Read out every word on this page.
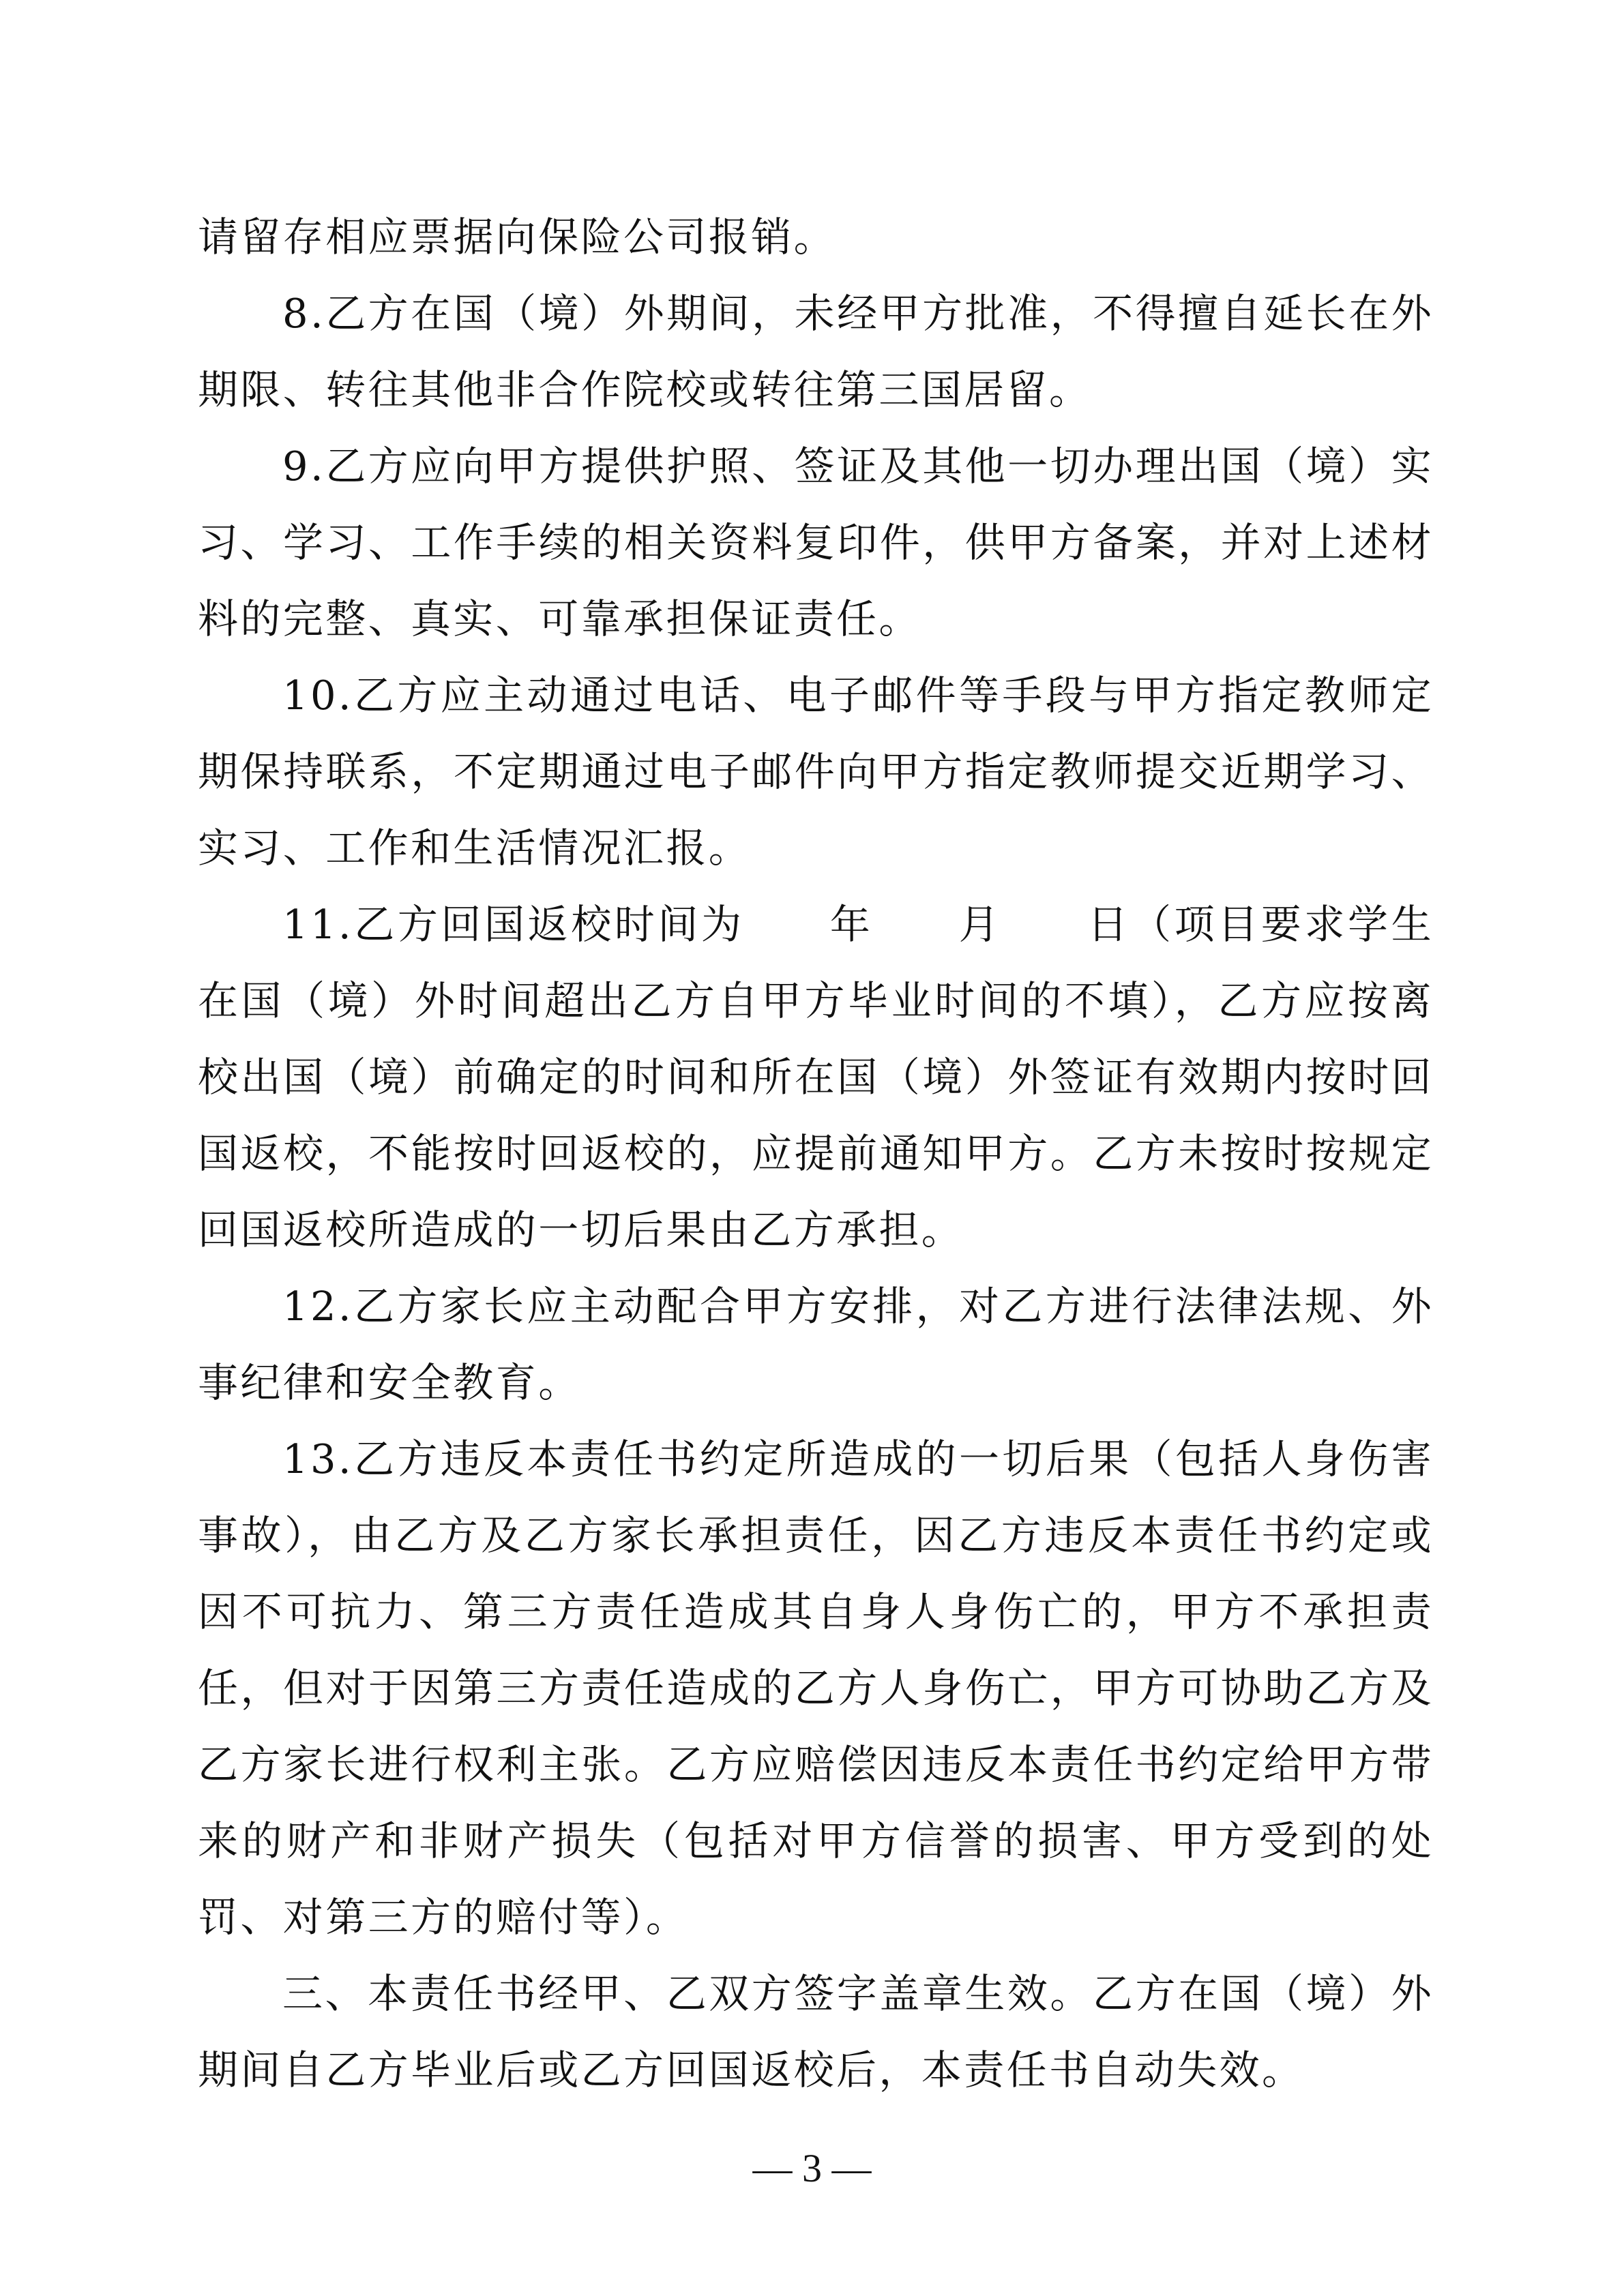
请留存相应票据向保险公司报销。

8.乙方在国（境）外期间，未经甲方批准，不得擅自延长在外期限、转往其他非合作院校或转往第三国居留。

9.乙方应向甲方提供护照、签证及其他一切办理出国（境）实习、学习、工作手续的相关资料复印件，供甲方备案，并对上述材料的完整、真实、可靠承担保证责任。

10.乙方应主动通过电话、电子邮件等手段与甲方指定教师定期保持联系，不定期通过电子邮件向甲方指定教师提交近期学习、实习、工作和生活情况汇报。

11.乙方回国返校时间为 年 月 日（项目要求学生在国（境）外时间超出乙方自甲方毕业时间的不填），乙方应按离校出国（境）前确定的时间和所在国（境）外签证有效期内按时回国返校，不能按时回返校的，应提前通知甲方。乙方未按时按规定回国返校所造成的一切后果由乙方承担。

12.乙方家长应主动配合甲方安排，对乙方进行法律法规、外事纪律和安全教育。

13.乙方违反本责任书约定所造成的一切后果（包括人身伤害事故），由乙方及乙方家长承担责任，因乙方违反本责任书约定或因不可抗力、第三方责任造成其自身人身伤亡的，甲方不承担责任，但对于因第三方责任造成的乙方人身伤亡，甲方可协助乙方及乙方家长进行权利主张。乙方应赔偿因违反本责任书约定给甲方带来的财产和非财产损失（包括对甲方信誉的损害、甲方受到的处罚、对第三方的赔付等）。

三、本责任书经甲、乙双方签字盖章生效。乙方在国（境）外期间自乙方毕业后或乙方回国返校后，本责任书自动失效。

— 3 —
